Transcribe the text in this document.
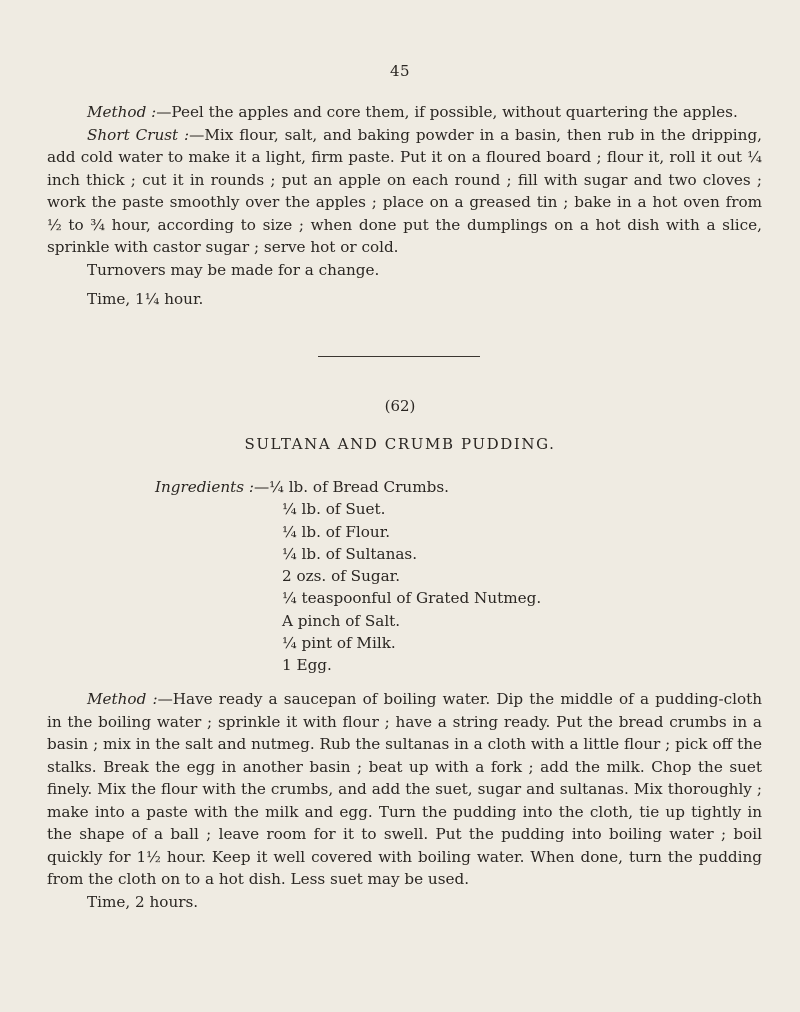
45

Method :—Peel the apples and core them, if possible, without quartering the apples.

Short Crust :—Mix flour, salt, and baking powder in a basin, then rub in the dripping, add cold water to make it a light, firm paste. Put it on a floured board ; flour it, roll it out ¼ inch thick ; cut it in rounds ; put an apple on each round ; fill with sugar and two cloves ; work the paste smoothly over the apples ; place on a greased tin ; bake in a hot oven from ½ to ¾ hour, according to size ; when done put the dumplings on a hot dish with a slice, sprinkle with castor sugar ; serve hot or cold.

Turnovers may be made for a change.

Time, 1¼ hour.

(62)
SULTANA AND CRUMB PUDDING.
Ingredients :—¼ lb. of Bread Crumbs.
¼ lb. of Suet.
¼ lb. of Flour.
¼ lb. of Sultanas.
2 ozs. of Sugar.
¼ teaspoonful of Grated Nutmeg.
A pinch of Salt.
¼ pint of Milk.
1 Egg.

Method :—Have ready a saucepan of boiling water. Dip the middle of a pudding-cloth in the boiling water ; sprinkle it with flour ; have a string ready. Put the bread crumbs in a basin ; mix in the salt and nutmeg. Rub the sultanas in a cloth with a little flour ; pick off the stalks. Break the egg in another basin ; beat up with a fork ; add the milk. Chop the suet finely. Mix the flour with the crumbs, and add the suet, sugar and sultanas. Mix thoroughly ; make into a paste with the milk and egg. Turn the pudding into the cloth, tie up tightly in the shape of a ball ; leave room for it to swell. Put the pudding into boiling water ; boil quickly for 1½ hour. Keep it well covered with boiling water. When done, turn the pudding from the cloth on to a hot dish. Less suet may be used.

Time, 2 hours.
